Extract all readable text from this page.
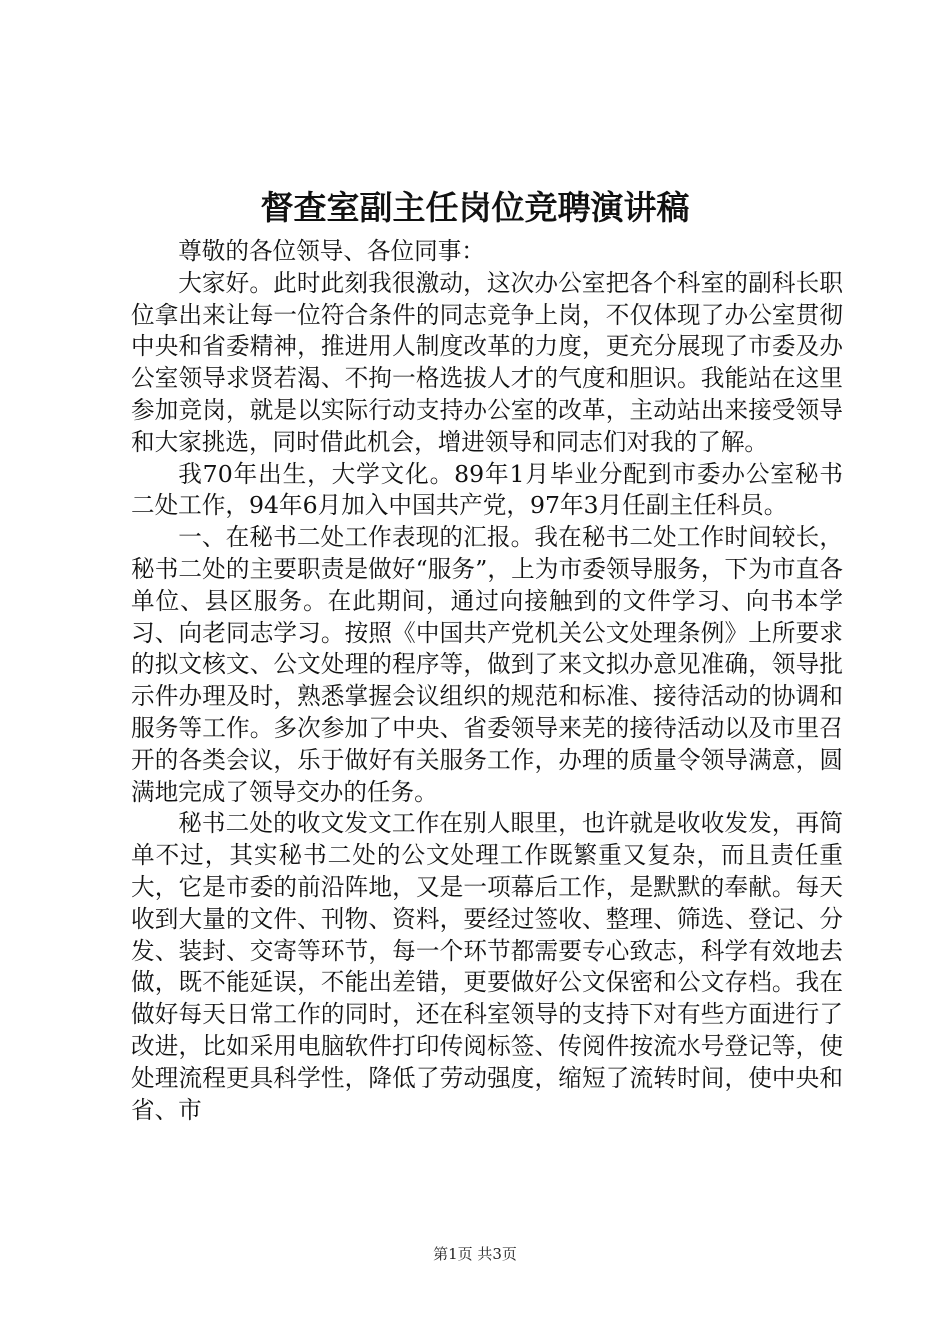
督查室副主任岗位竞聘演讲稿

尊敬的各位领导、各位同事：

大家好。此时此刻我很激动，这次办公室把各个科室的副科长职位拿出来让每一位符合条件的同志竞争上岗，不仅体现了办公室贯彻中央和省委精神，推进用人制度改革的力度，更充分展现了市委及办公室领导求贤若渴、不拘一格选拔人才的气度和胆识。我能站在这里参加竞岗，就是以实际行动支持办公室的改革，主动站出来接受领导和大家挑选，同时借此机会，增进领导和同志们对我的了解。

我70年出生，大学文化。89年1月毕业分配到市委办公室秘书二处工作，94年6月加入中国共产党，97年3月任副主任科员。

一、在秘书二处工作表现的汇报。我在秘书二处工作时间较长，秘书二处的主要职责是做好“服务”，上为市委领导服务，下为市直各单位、县区服务。在此期间，通过向接触到的文件学习、向书本学习、向老同志学习。按照《中国共产党机关公文处理条例》上所要求的拟文核文、公文处理的程序等，做到了来文拟办意见准确，领导批示件办理及时，熟悉掌握会议组织的规范和标准、接待活动的协调和服务等工作。多次参加了中央、省委领导来芜的接待活动以及市里召开的各类会议，乐于做好有关服务工作，办理的质量令领导满意，圆满地完成了领导交办的任务。

秘书二处的收文发文工作在别人眼里，也许就是收收发发，再简单不过，其实秘书二处的公文处理工作既繁重又复杂，而且责任重大，它是市委的前沿阵地，又是一项幕后工作，是默默的奉献。每天收到大量的文件、刊物、资料，要经过签收、整理、筛选、登记、分发、装封、交寄等环节，每一个环节都需要专心致志，科学有效地去做，既不能延误，不能出差错，更要做好公文保密和公文存档。我在做好每天日常工作的同时，还在科室领导的支持下对有些方面进行了改进，比如采用电脑软件打印传阅标签、传阅件按流水号登记等，使处理流程更具科学性，降低了劳动强度，缩短了流转时间，使中央和省、市

第1页 共3页
